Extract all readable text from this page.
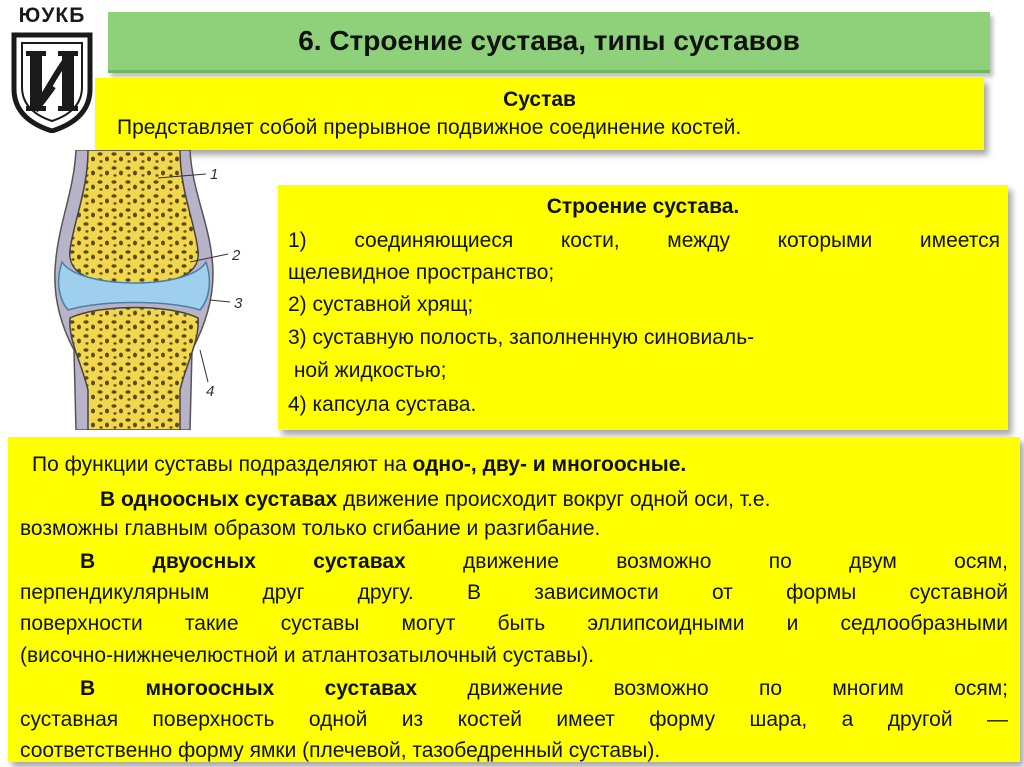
ЮУКБ
6. Строение сустава, типы суставов
Сустав
Представляет собой прерывное подвижное соединение костей.
1
2
3
4
Строение сустава.
1) соединяющиеся кости, между которыми имеется
щелевидное пространство;
2) суставной хрящ;
3) суставную полость, заполненную синовиаль-
ной жидкостью;
4) капсула сустава.
По функции суставы подразделяют на одно-, дву- и многоосные.
В одноосных суставах движение происходит вокруг одной оси, т.е.
возможны главным образом только сгибание и разгибание.
В двуосных суставах движение возможно по двум осям,
перпендикулярным друг другу. В зависимости от формы суставной
поверхности такие суставы могут быть эллипсоидными и седлообразными
(височно-нижнечелюстной и атлантозатылочный суставы).
В многоосных суставах движение возможно по многим осям;
суставная поверхность одной из костей имеет форму шара, а другой —
соответственно форму ямки (плечевой, тазобедренный суставы).
